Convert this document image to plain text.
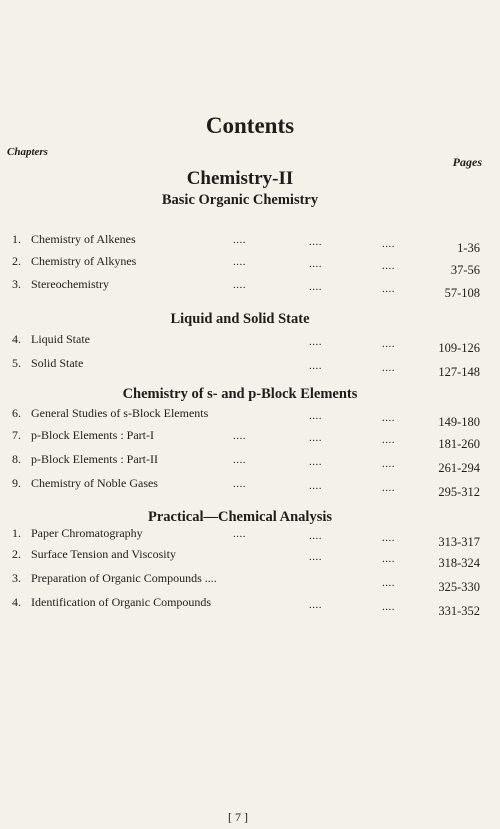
Contents
Chapters
Pages
Chemistry-II
Basic Organic Chemistry
1. Chemistry of Alkenes	....	....	....	1-36
2. Chemistry of Alkynes	....	....	....	37-56
3. Stereochemistry	....	....	....	57-108
Liquid and Solid State
4. Liquid State	....	....	109-126
5. Solid State	....	....	127-148
Chemistry of s- and p-Block Elements
6. General Studies of s-Block Elements	....	....	149-180
7. p-Block Elements : Part-I	....	....	....	181-260
8. p-Block Elements : Part-II	....	....	....	261-294
9. Chemistry of Noble Gases	....	....	....	295-312
Practical—Chemical Analysis
1. Paper Chromatography	....	....	....	313-317
2. Surface Tension and Viscosity	....	....	318-324
3. Preparation of Organic Compounds ....	....	325-330
4. Identification of Organic Compounds	....	....	331-352
[ 7 ]
